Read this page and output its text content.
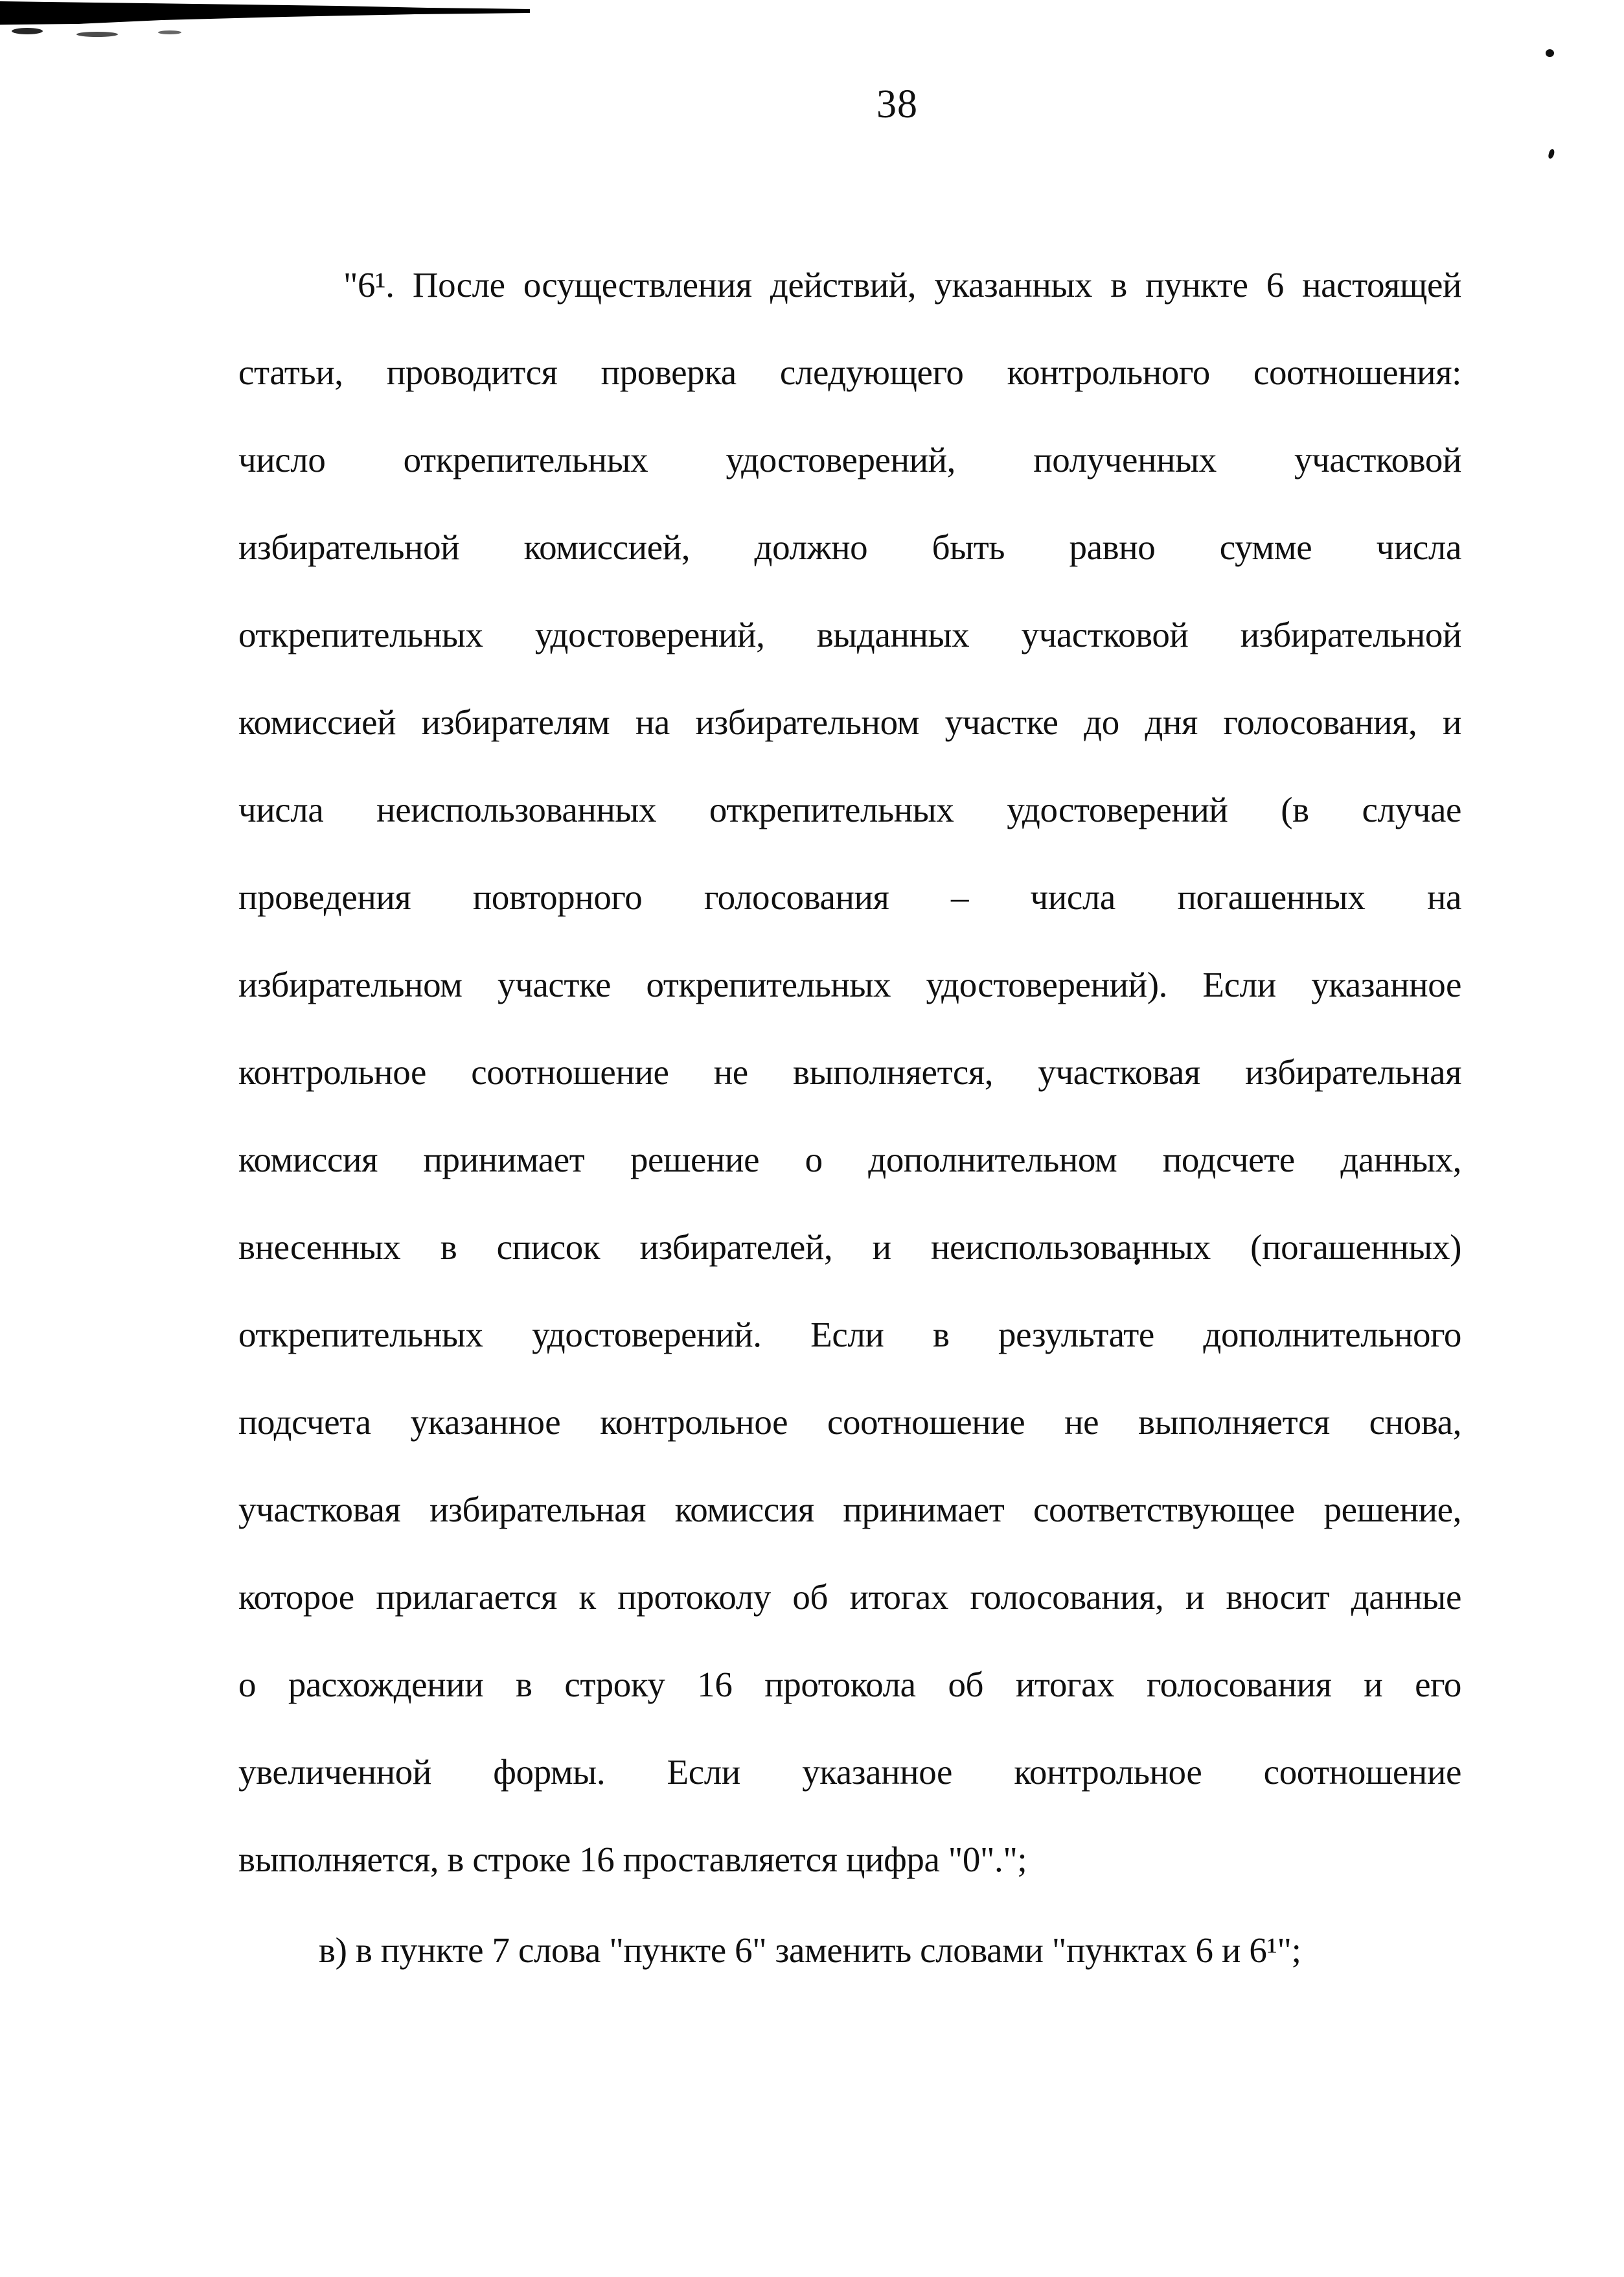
38
"6¹. После осуществления действий, указанных в пункте 6 настоящей
статьи, проводится проверка следующего контрольного соотношения:
число открепительных удостоверений, полученных участковой
избирательной комиссией, должно быть равно сумме числа
открепительных удостоверений, выданных участковой избирательной
комиссией избирателям на избирательном участке до дня голосования, и
числа неиспользованных открепительных удостоверений (в случае
проведения повторного голосования – числа погашенных на
избирательном участке открепительных удостоверений). Если указанное
контрольное соотношение не выполняется, участковая избирательная
комиссия принимает решение о дополнительном подсчете данных,
внесенных в список избирателей, и неиспользованных (погашенных)
открепительных удостоверений. Если в результате дополнительного
подсчета указанное контрольное соотношение не выполняется снова,
участковая избирательная комиссия принимает соответствующее решение,
которое прилагается к протоколу об итогах голосования, и вносит данные
о расхождении в строку 16 протокола об итогах голосования и его
увеличенной формы. Если указанное контрольное соотношение
выполняется, в строке 16 проставляется цифра "0".";
в) в пункте 7 слова "пункте 6" заменить словами "пунктах 6 и 6¹";
